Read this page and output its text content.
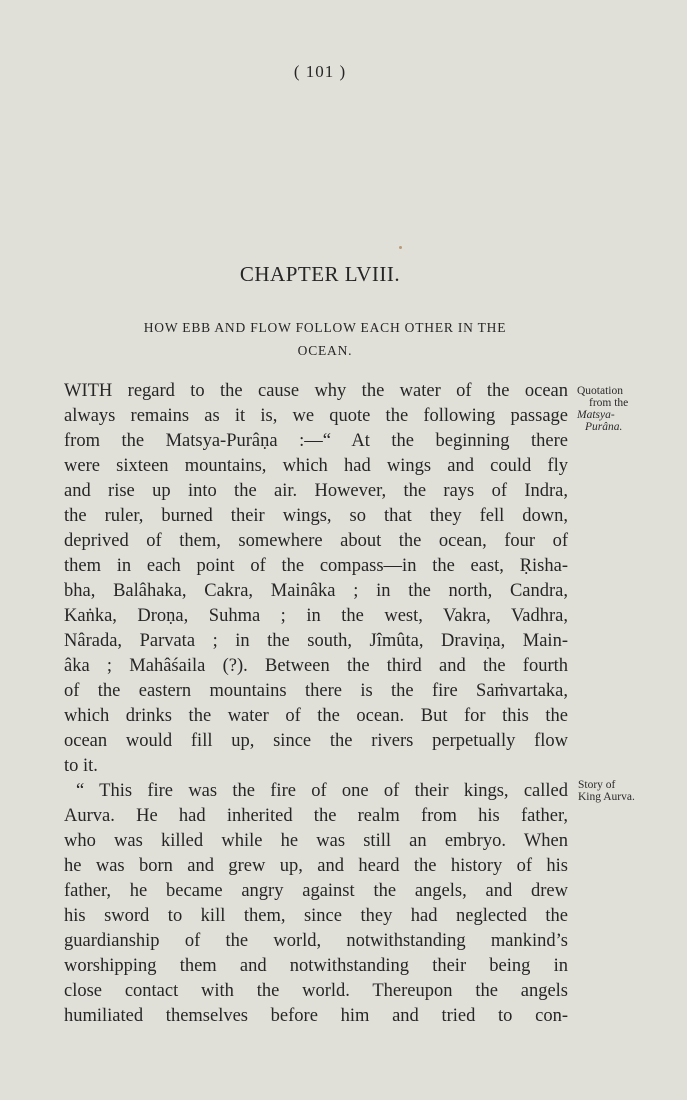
( 101 )
CHAPTER LVIII.
HOW EBB AND FLOW FOLLOW EACH OTHER IN THE
OCEAN.
WITH regard to the cause why the water of the ocean
always remains as it is, we quote the following passage
from the Matsya-Purâṇa :—“ At the beginning there
were sixteen mountains, which had wings and could fly
and rise up into the air. However, the rays of Indra,
the ruler, burned their wings, so that they fell down,
deprived of them, somewhere about the ocean, four of
them in each point of the compass—in the east, Ṛisha-
bha, Balâhaka, Cakra, Mainâka ; in the north, Candra,
Kaṅka, Droṇa, Suhma ; in the west, Vakra, Vadhra,
Nârada, Parvata ; in the south, Jîmûta, Draviṇa, Main-
âka ; Mahâśaila (?). Between the third and the fourth
of the eastern mountains there is the fire Saṁvartaka,
which drinks the water of the ocean. But for this the
ocean would fill up, since the rivers perpetually flow
to it.
“ This fire was the fire of one of their kings, called
Aurva. He had inherited the realm from his father,
who was killed while he was still an embryo. When
he was born and grew up, and heard the history of his
father, he became angry against the angels, and drew
his sword to kill them, since they had neglected the
guardianship of the world, notwithstanding mankind’s
worshipping them and notwithstanding their being in
close contact with the world. Thereupon the angels
humiliated themselves before him and tried to con-
Quotation
from the
Matsya-
Purâna.
Story of
King Aurva.
